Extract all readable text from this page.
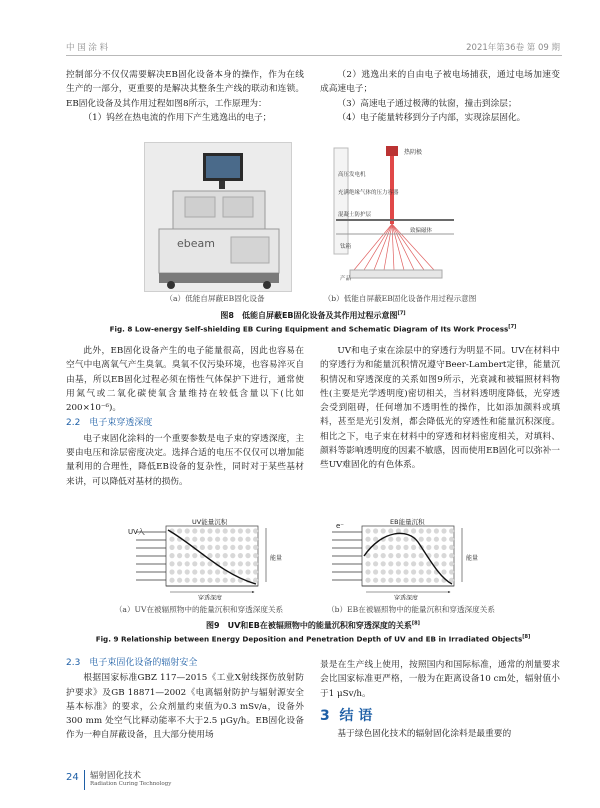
中 国 涂 料	2021年第36卷 第 09 期

控制部分不仅仅需要解决EB固化设备本身的操作，作为在线生产的一部分，更重要的是解决其整条生产线的联动和连锁。EB固化设备及其作用过程如图8所示，工作原理为：

（1）钨丝在热电流的作用下产生逃逸出的电子；

（2）逃逸出来的自由电子被电场捕获，通过电场加速变成高速电子；

（3）高速电子通过极薄的钛窗，撞击到涂层；

（4）电子能量转移到分子内部，实现涂层固化。

ebeam
热阴极
高压发电机
充满绝缘气体的压力容器
混凝土防护层
致偏磁体
钛箱
产品
（a）低能自屏蔽EB固化设备	（b）低能自屏蔽EB固化设备作用过程示意图
图8　低能自屏蔽EB固化设备及其作用过程示意图[7]
Fig. 8 Low-energy Self-shielding EB Curing Equipment and Schematic Diagram of Its Work Process[7]

此外，EB固化设备产生的电子能量很高，因此也容易在空气中电离氧气产生臭氧。臭氧不仅污染环境，也容易淬灭自由基，所以EB固化过程必须在惰性气体保护下进行，通常使用氮气或二氧化碳使氧含量维持在较低含量以下(比如200×10⁻⁶)。

2.2　电子束穿透深度

电子束固化涂料的一个重要参数是电子束的穿透深度，主要由电压和涂层密度决定。选择合适的电压不仅仅可以增加能量利用的合理性，降低EB设备的复杂性，同时对于某些基材来讲，可以降低对基材的损伤。

UV和电子束在涂层中的穿透行为明显不同。UV在材料中的穿透行为和能量沉积情况遵守Beer-Lambert定律，能量沉积情况和穿透深度的关系如图9所示，光衰减和被辐照材料物性(主要是光学透明度)密切相关，当材料透明度降低，光穿透会受到阻碍，任何增加不透明性的操作，比如添加颜料或填料，甚至是光引发剂，都会降低光的穿透性和能量沉积深度。相比之下，电子束在材料中的穿透和材料密度相关，对填料、颜料等影响透明度的因素不敏感，因而使用EB固化可以弥补一些UV难固化的有色体系。

UV入
UV能量沉积
能量
穿透深度
e⁻	EB能量沉积
能量
穿透深度
（a）UV在被辐照物中的能量沉积和穿透深度关系	（b）EB在被辐照物中的能量沉积和穿透深度关系
图9　UV和EB在被辐照物中的能量沉积和穿透深度的关系[8]
Fig. 9 Relationship between Energy Deposition and Penetration Depth of UV and EB in Irradiated Objects[8]
2.3　电子束固化设备的辐射安全

根据国家标准GBZ 117—2015《工业X射线探伤放射防护要求》及GB 18871—2002《电离辐射防护与辐射源安全基本标准》的要求，公众剂量约束值为0.3 mSv/a，设备外300 mm 处空气比释动能率不大于2.5 μGy/h。EB固化设备作为一种自屏蔽设备，且大部分使用场

景是在生产线上使用，按照国内和国际标准，通常的剂量要求会比国家标准更严格，一般为在距离设备10 cm处，辐射值小于1 μSv/h。

3 结 语

基于绿色固化技术的辐射固化涂料是最重要的

24 辐射固化技术
Radiation Curing Technology
